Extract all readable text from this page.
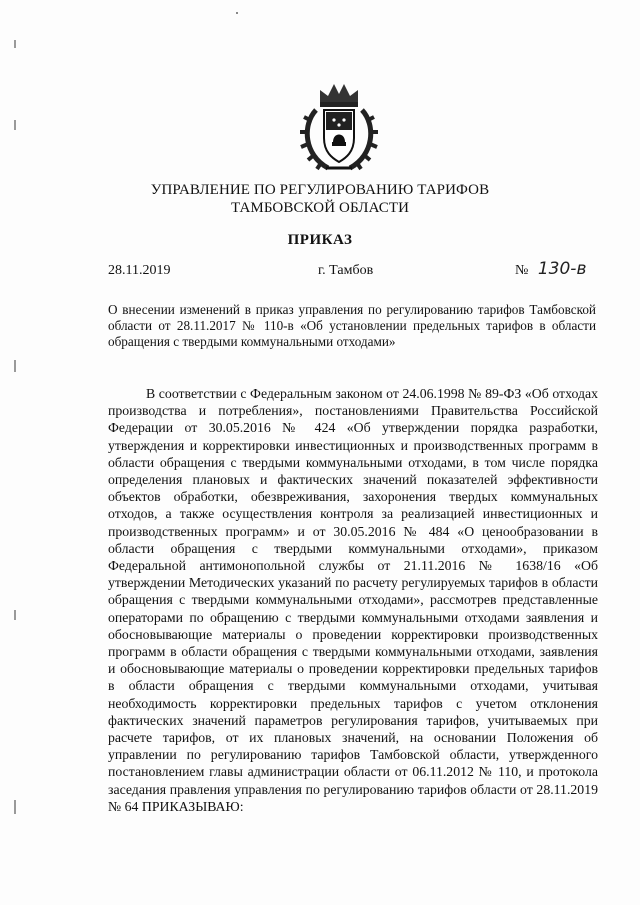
УПРАВЛЕНИЕ ПО РЕГУЛИРОВАНИЮ ТАРИФОВ
ТАМБОВСКОЙ ОБЛАСТИ
ПРИКАЗ
28.11.2019	г. Тамбов	№ 130-в
О внесении изменений в приказ управления по регулированию тарифов Тамбовской области от 28.11.2017 № 110-в «Об установлении предельных тарифов в области обращения с твердыми коммунальными отходами»
В соответствии с Федеральным законом от 24.06.1998 № 89-ФЗ «Об отходах производства и потребления», постановлениями Правительства Российской Федерации от 30.05.2016 № 424 «Об утверждении порядка разработки, утверждения и корректировки инвестиционных и производственных программ в области обращения с твердыми коммунальными отходами, в том числе порядка определения плановых и фактических значений показателей эффективности объектов обработки, обезвреживания, захоронения твердых коммунальных отходов, а также осуществления контроля за реализацией инвестиционных и производственных программ» и от 30.05.2016 № 484 «О ценообразовании в области обращения с твердыми коммунальными отходами», приказом Федеральной антимонопольной службы от 21.11.2016 № 1638/16 «Об утверждении Методических указаний по расчету регулируемых тарифов в области обращения с твердыми коммунальными отходами», рассмотрев представленные операторами по обращению с твердыми коммунальными отходами заявления и обосновывающие материалы о проведении корректировки производственных программ в области обращения с твердыми коммунальными отходами, заявления и обосновывающие материалы о проведении корректировки предельных тарифов в области обращения с твердыми коммунальными отходами, учитывая необходимость корректировки предельных тарифов с учетом отклонения фактических значений параметров регулирования тарифов, учитываемых при расчете тарифов, от их плановых значений, на основании Положения об управлении по регулированию тарифов Тамбовской области, утвержденного постановлением главы администрации области от 06.11.2012 № 110, и протокола заседания правления управления по регулированию тарифов области от 28.11.2019 № 64 ПРИКАЗЫВАЮ:
